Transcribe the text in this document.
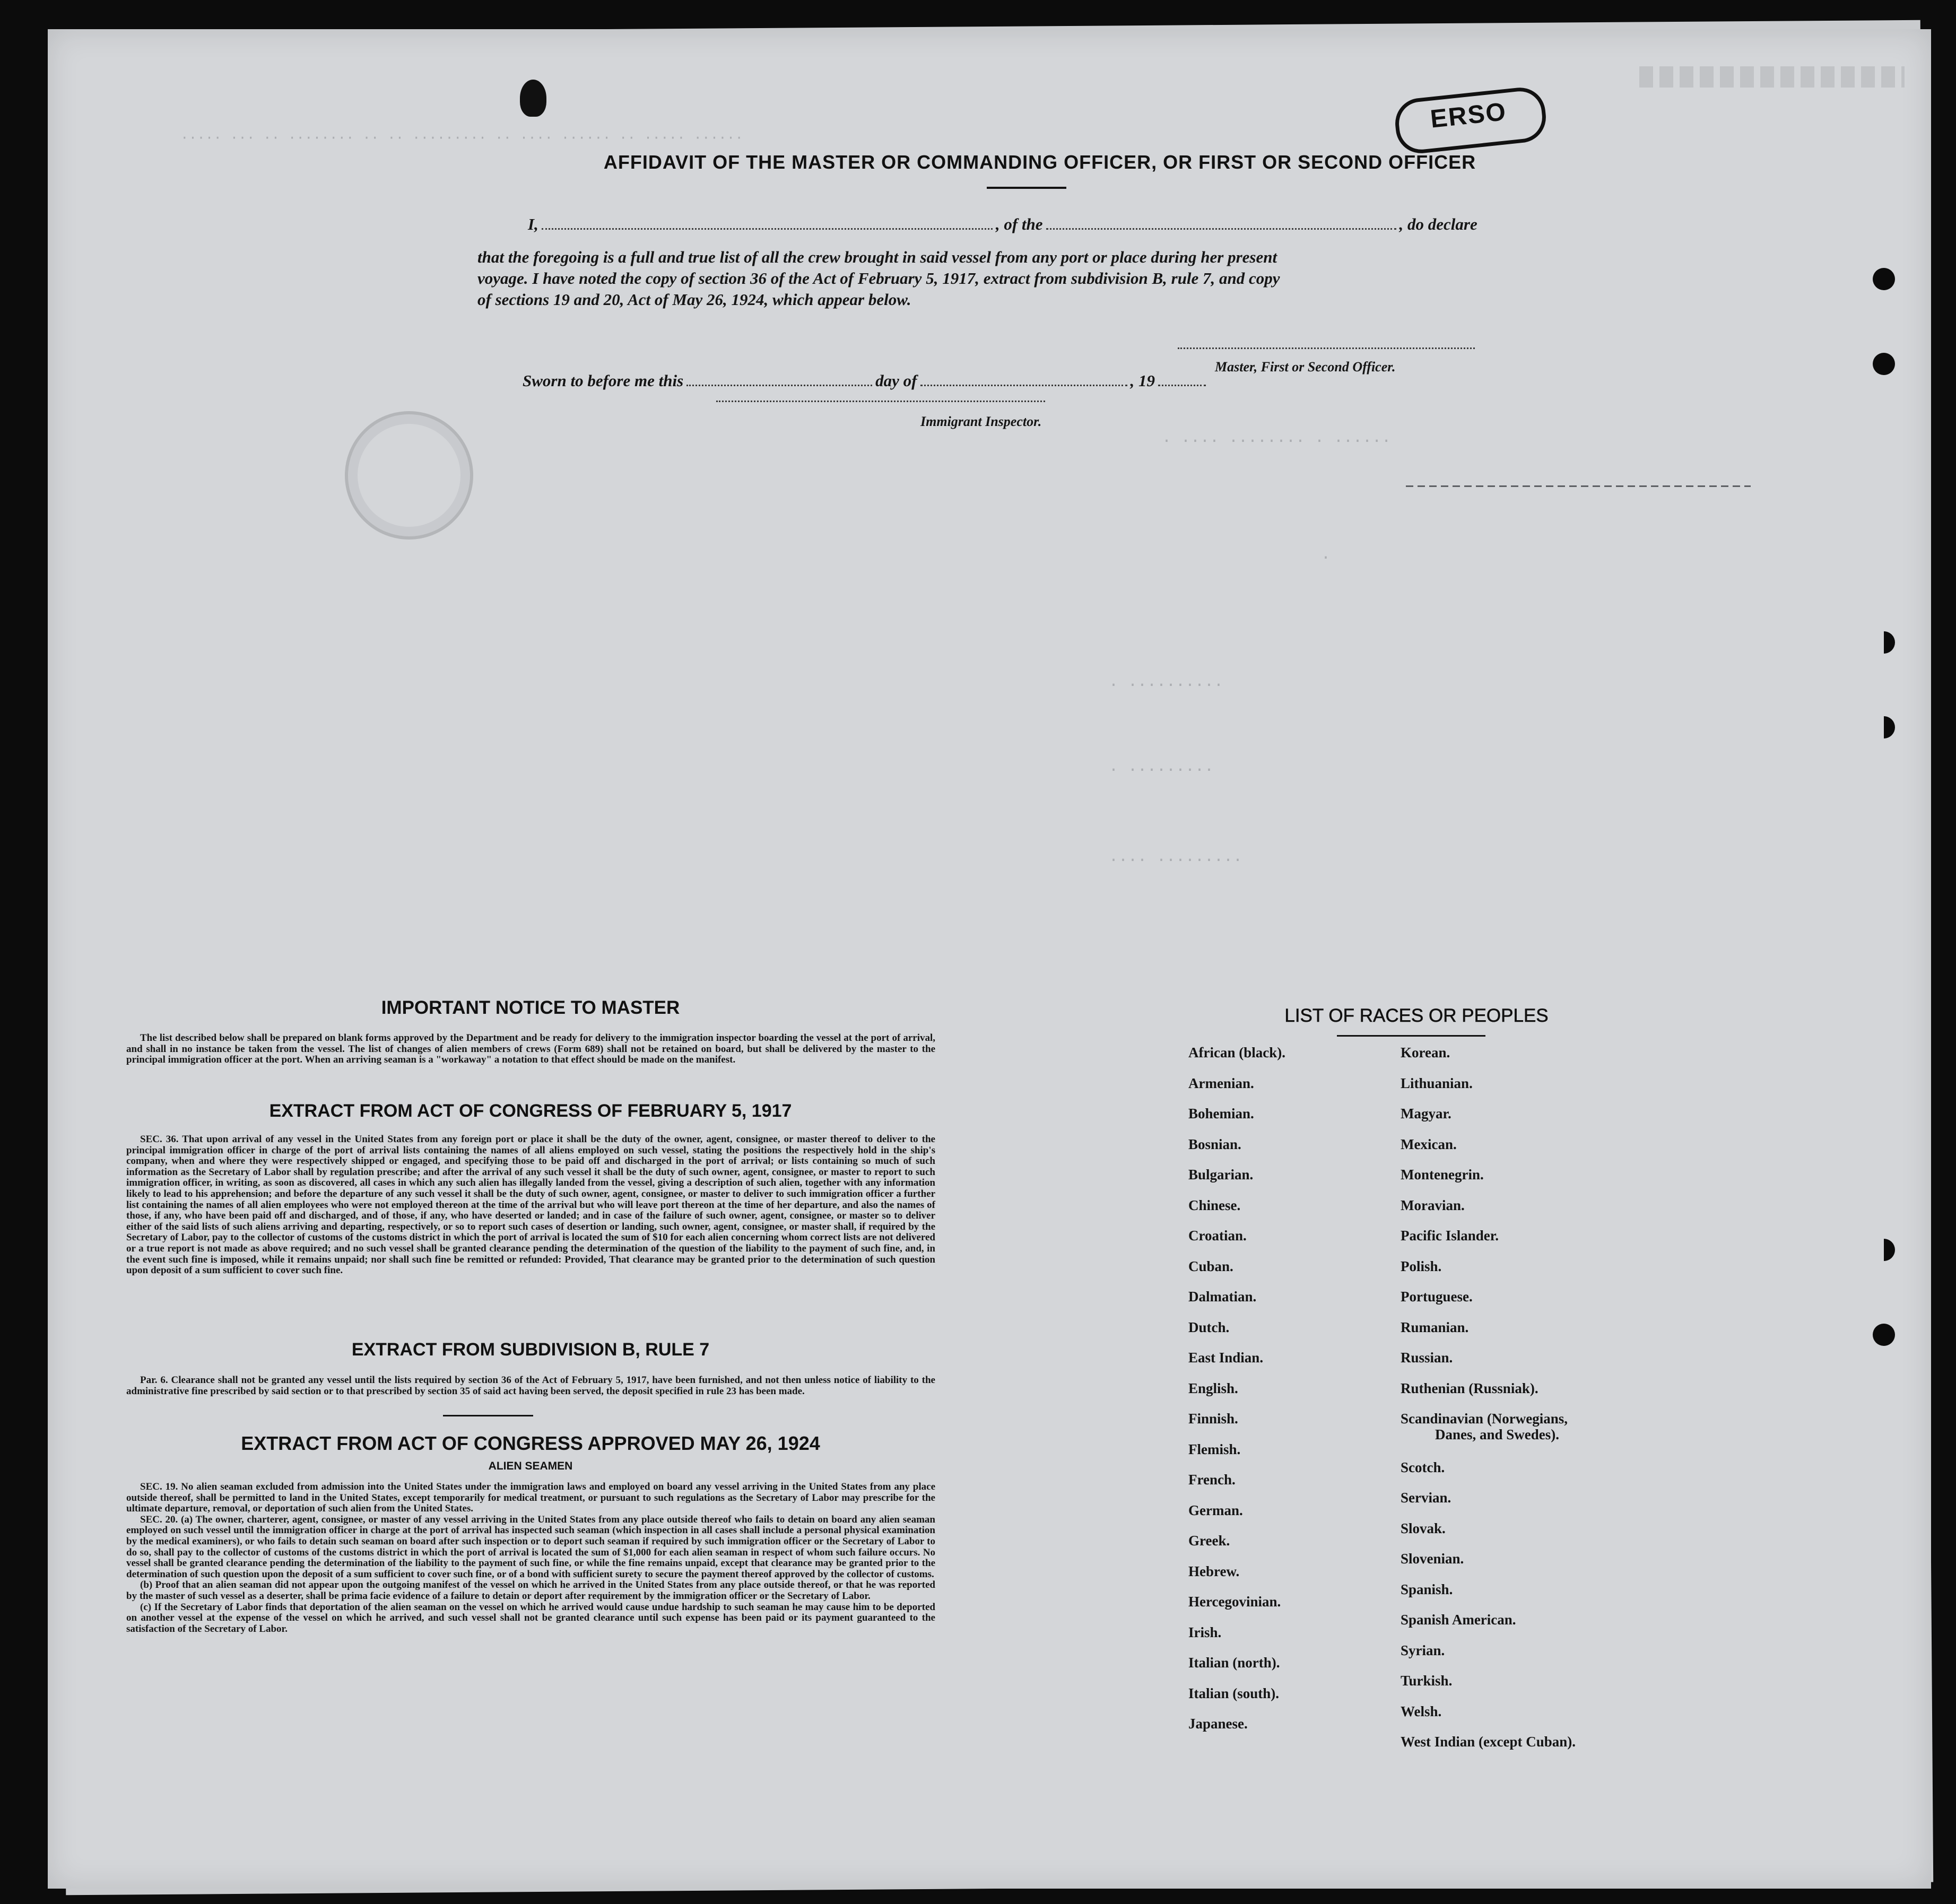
····· ··· ·· ········ ·· ·· ········· ·· ···· ······ ·· ····· ······
· ···· ········ · ······
·
· ··········
· ·········
···· ·········
ERSO
AFFIDAVIT OF THE MASTER OR COMMANDING OFFICER, OR FIRST OR SECOND OFFICER
I,	, of the	, do declare
that the foregoing is a full and true list of all the crew brought in said vessel from any port or place during her present
voyage. I have noted the copy of section 36 of the Act of February 5, 1917, extract from subdivision B, rule 7, and copy
of sections 19 and 20, Act of May 26, 1924, which appear below.
Master, First or Second Officer.
Sworn to before me this	day of	, 19
Immigrant Inspector.
IMPORTANT NOTICE TO MASTER

The list described below shall be prepared on blank forms approved by the Department and be ready for delivery to the immigration inspector boarding the vessel at the port of arrival, and shall in no instance be taken from the vessel. The list of changes of alien members of crews (Form 689) shall not be retained on board, but shall be delivered by the master to the principal immigration officer at the port. When an arriving seaman is a "workaway" a notation to that effect should be made on the manifest.

EXTRACT FROM ACT OF CONGRESS OF FEBRUARY 5, 1917

SEC. 36. That upon arrival of any vessel in the United States from any foreign port or place it shall be the duty of the owner, agent, consignee, or master thereof to deliver to the principal immigration officer in charge of the port of arrival lists containing the names of all aliens employed on such vessel, stating the positions the respectively hold in the ship's company, when and where they were respectively shipped or engaged, and specifying those to be paid off and discharged in the port of arrival; or lists containing so much of such information as the Secretary of Labor shall by regulation prescribe; and after the arrival of any such vessel it shall be the duty of such owner, agent, consignee, or master to report to such immigration officer, in writing, as soon as discovered, all cases in which any such alien has illegally landed from the vessel, giving a description of such alien, together with any information likely to lead to his apprehension; and before the departure of any such vessel it shall be the duty of such owner, agent, consignee, or master to deliver to such immigration officer a further list containing the names of all alien employees who were not employed thereon at the time of the arrival but who will leave port thereon at the time of her departure, and also the names of those, if any, who have been paid off and discharged, and of those, if any, who have deserted or landed; and in case of the failure of such owner, agent, consignee, or master so to deliver either of the said lists of such aliens arriving and departing, respectively, or so to report such cases of desertion or landing, such owner, agent, consignee, or master shall, if required by the Secretary of Labor, pay to the collector of customs of the customs district in which the port of arrival is located the sum of $10 for each alien concerning whom correct lists are not delivered or a true report is not made as above required; and no such vessel shall be granted clearance pending the determination of the question of the liability to the payment of such fine, and, in the event such fine is imposed, while it remains unpaid; nor shall such fine be remitted or refunded: Provided, That clearance may be granted prior to the determination of such question upon deposit of a sum sufficient to cover such fine.

EXTRACT FROM SUBDIVISION B, RULE 7

Par. 6. Clearance shall not be granted any vessel until the lists required by section 36 of the Act of February 5, 1917, have been furnished, and not then unless notice of liability to the administrative fine prescribed by said section or to that prescribed by section 35 of said act having been served, the deposit specified in rule 23 has been made.

EXTRACT FROM ACT OF CONGRESS APPROVED MAY 26, 1924
ALIEN SEAMEN

SEC. 19. No alien seaman excluded from admission into the United States under the immigration laws and employed on board any vessel arriving in the United States from any place outside thereof, shall be permitted to land in the United States, except temporarily for medical treatment, or pursuant to such regulations as the Secretary of Labor may prescribe for the ultimate departure, removal, or deportation of such alien from the United States.

SEC. 20. (a) The owner, charterer, agent, consignee, or master of any vessel arriving in the United States from any place outside thereof who fails to detain on board any alien seaman employed on such vessel until the immigration officer in charge at the port of arrival has inspected such seaman (which inspection in all cases shall include a personal physical examination by the medical examiners), or who fails to detain such seaman on board after such inspection or to deport such seaman if required by such immigration officer or the Secretary of Labor to do so, shall pay to the collector of customs of the customs district in which the port of arrival is located the sum of $1,000 for each alien seaman in respect of whom such failure occurs. No vessel shall be granted clearance pending the determination of the liability to the payment of such fine, or while the fine remains unpaid, except that clearance may be granted prior to the determination of such question upon the deposit of a sum sufficient to cover such fine, or of a bond with sufficient surety to secure the payment thereof approved by the collector of customs.

(b) Proof that an alien seaman did not appear upon the outgoing manifest of the vessel on which he arrived in the United States from any place outside thereof, or that he was reported by the master of such vessel as a deserter, shall be prima facie evidence of a failure to detain or deport after requirement by the immigration officer or the Secretary of Labor.

(c) If the Secretary of Labor finds that deportation of the alien seaman on the vessel on which he arrived would cause undue hardship to such seaman he may cause him to be deported on another vessel at the expense of the vessel on which he arrived, and such vessel shall not be granted clearance until such expense has been paid or its payment guaranteed to the satisfaction of the Secretary of Labor.

LIST OF RACES OR PEOPLES
African (black).
Armenian.
Bohemian.
Bosnian.
Bulgarian.
Chinese.
Croatian.
Cuban.
Dalmatian.
Dutch.
East Indian.
English.
Finnish.
Flemish.
French.
German.
Greek.
Hebrew.
Hercegovinian.
Irish.
Italian (north).
Italian (south).
Japanese.
Korean.
Lithuanian.
Magyar.
Mexican.
Montenegrin.
Moravian.
Pacific Islander.
Polish.
Portuguese.
Rumanian.
Russian.
Ruthenian (Russniak).
Scandinavian (Norwegians,
Danes, and Swedes).
Scotch.
Servian.
Slovak.
Slovenian.
Spanish.
Spanish American.
Syrian.
Turkish.
Welsh.
West Indian (except Cuban).
